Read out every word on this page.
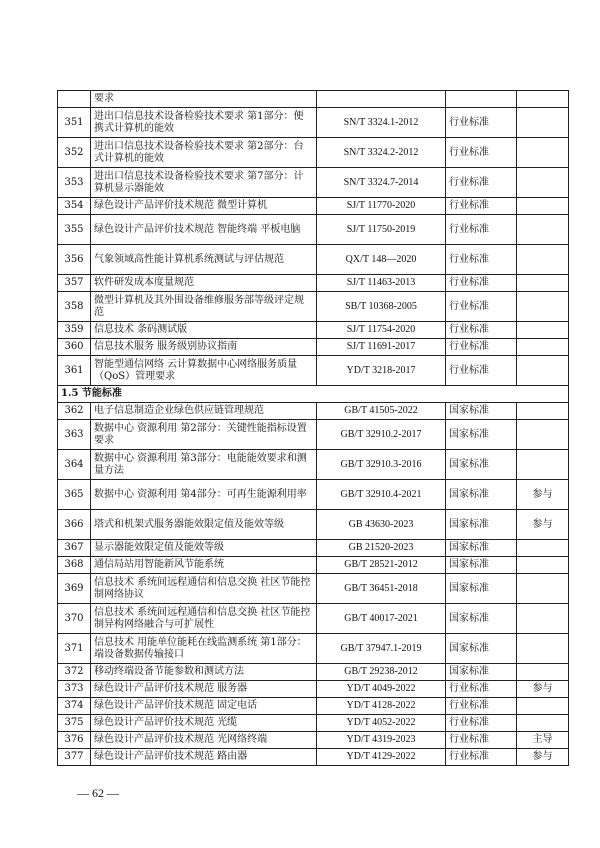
	要求			
351	进出口信息技术设备检验技术要求 第1部分：便携式计算机的能效	SN/T 3324.1-2012	行业标准	
352	进出口信息技术设备检验技术要求 第2部分：台式计算机的能效	SN/T 3324.2-2012	行业标准	
353	进出口信息技术设备检验技术要求 第7部分：计算机显示器能效	SN/T 3324.7-2014	行业标准	
354	绿色设计产品评价技术规范 微型计算机	SJ/T 11770-2020	行业标准	
355	绿色设计产品评价技术规范 智能终端 平板电脑	SJ/T 11750-2019	行业标准	
356	气象领域高性能计算机系统测试与评估规范	QX/T 148—2020	行业标准	
357	软件研发成本度量规范	SJ/T 11463-2013	行业标准	
358	微型计算机及其外围设备维修服务部等级评定规范	SB/T 10368-2005	行业标准	
359	信息技术 条码测试版	SJ/T 11754-2020	行业标准	
360	信息技术服务 服务级别协议指南	SJ/T 11691-2017	行业标准	
361	智能型通信网络 云计算数据中心网络服务质量（QoS）管理要求	YD/T 3218-2017	行业标准	
1.5 节能标准				
362	电子信息制造企业绿色供应链管理规范	GB/T 41505-2022	国家标准	
363	数据中心 资源利用 第2部分：关键性能指标设置要求	GB/T 32910.2-2017	国家标准	
364	数据中心 资源利用 第3部分：电能能效要求和测量方法	GB/T 32910.3-2016	国家标准	
365	数据中心 资源利用 第4部分：可再生能源利用率	GB/T 32910.4-2021	国家标准	参与
366	塔式和机架式服务器能效限定值及能效等级	GB 43630-2023	国家标准	参与
367	显示器能效限定值及能效等级	GB 21520-2023	国家标准	
368	通信局站用智能新风节能系统	GB/T 28521-2012	国家标准	
369	信息技术 系统间远程通信和信息交换 社区节能控制网络协议	GB/T 36451-2018	国家标准	
370	信息技术 系统间远程通信和信息交换 社区节能控制异构网络融合与可扩展性	GB/T 40017-2021	国家标准	
371	信息技术 用能单位能耗在线监测系统 第1部分：端设备数据传输接口	GB/T 37947.1-2019	国家标准	
372	移动终端设备节能参数和测试方法	GB/T 29238-2012	国家标准	
373	绿色设计产品评价技术规范 服务器	YD/T 4049-2022	行业标准	参与
374	绿色设计产品评价技术规范 固定电话	YD/T 4128-2022	行业标准	
375	绿色设计产品评价技术规范 光缆	YD/T 4052-2022	行业标准	
376	绿色设计产品评价技术规范 光网络终端	YD/T 4319-2023	行业标准	主导
377	绿色设计产品评价技术规范 路由器	YD/T 4129-2022	行业标准	参与
— 62 —
